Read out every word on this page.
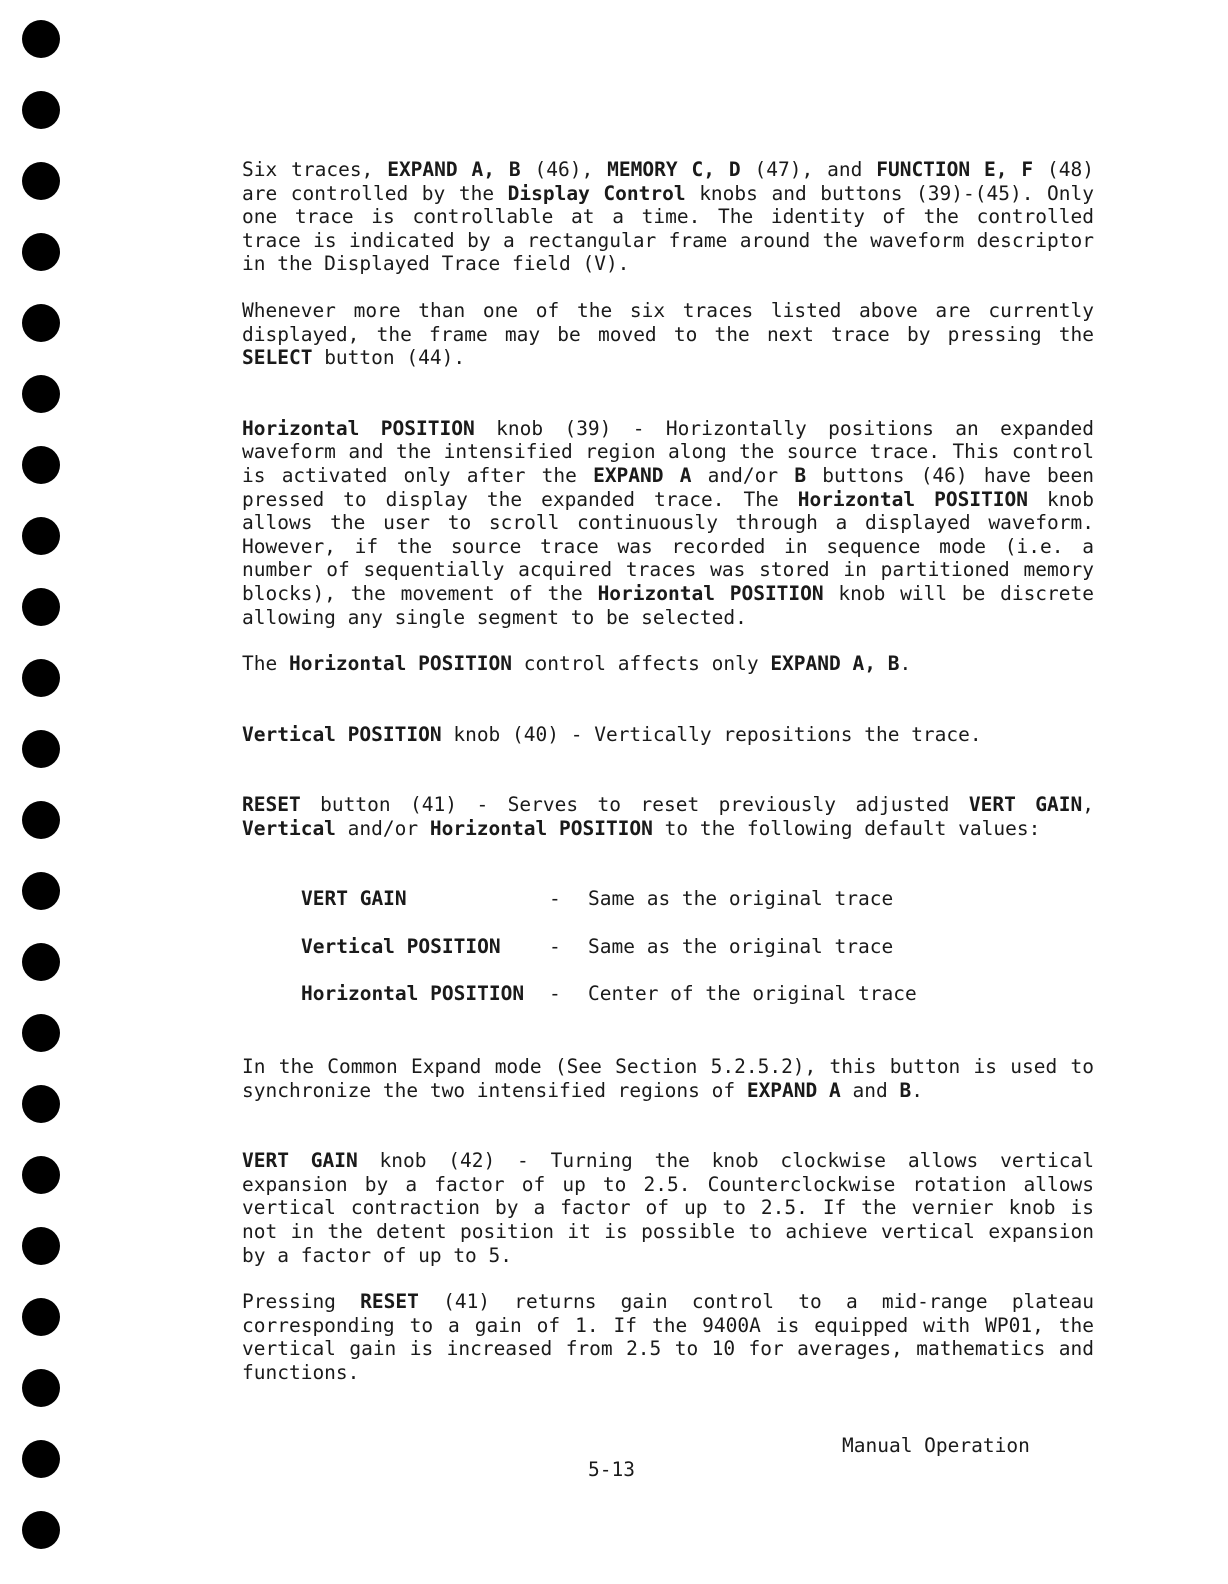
Six traces, EXPAND A, B (46), MEMORY C, D (47), and FUNCTION E, F (48) are controlled by the Display Control knobs and buttons (39)-(45). Only one trace is controllable at a time. The identity of the controlled trace is indicated by a rectangular frame around the waveform descriptor in the Displayed Trace field (V).

Whenever more than one of the six traces listed above are currently displayed, the frame may be moved to the next trace by pressing the SELECT button (44).

Horizontal POSITION knob (39) - Horizontally positions an expanded waveform and the intensified region along the source trace. This control is activated only after the EXPAND A and/or B buttons (46) have been pressed to display the expanded trace. The Horizontal POSITION knob allows the user to scroll continuously through a displayed waveform. However, if the source trace was recorded in sequence mode (i.e. a number of sequentially acquired traces was stored in partitioned memory blocks), the movement of the Horizontal POSITION knob will be discrete allowing any single segment to be selected.

The Horizontal POSITION control affects only EXPAND A, B.

Vertical POSITION knob (40) - Vertically repositions the trace.

RESET button (41) - Serves to reset previously adjusted VERT GAIN, Vertical and/or Horizontal POSITION to the following default values:

VERT GAIN	-	Same as the original trace
Vertical POSITION	-	Same as the original trace
Horizontal POSITION	-	Center of the original trace

In the Common Expand mode (See Section 5.2.5.2), this button is used to synchronize the two intensified regions of EXPAND A and B.

VERT GAIN knob (42) - Turning the knob clockwise allows vertical expansion by a factor of up to 2.5. Counterclockwise rotation allows vertical contraction by a factor of up to 2.5. If the vernier knob is not in the detent position it is possible to achieve vertical expansion by a factor of up to 5.

Pressing RESET (41) returns gain control to a mid-range plateau corresponding to a gain of 1. If the 9400A is equipped with WP01, the vertical gain is increased from 2.5 to 10 for averages, mathematics and functions.

Manual Operation
5-13
